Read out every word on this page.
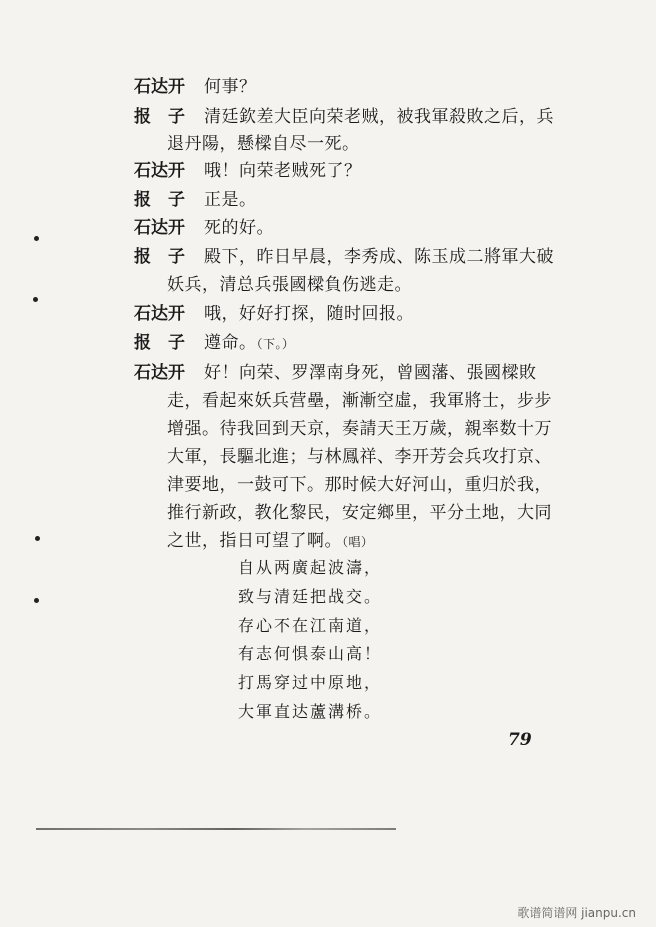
石达开 何事？
报　子 清廷欽差大臣向荣老贼，被我軍殺敗之后，兵
退丹陽，懸樑自尽一死。
石达开 哦！向荣老贼死了？
报　子 正是。
石达开 死的好。
报　子 殿下，昨日早晨，李秀成、陈玉成二將軍大破
妖兵，清总兵張國樑負伤逃走。
石达开 哦，好好打探，随时回报。
报　子 遵命。（下。）
石达开 好！向荣、罗澤南身死，曾國藩、張國樑敗
走，看起來妖兵营壘，漸漸空虛，我軍將士，步步
增强。待我回到天京，奏請天王万歲，親率数十万
大軍，長驅北進；与林鳳祥、李开芳会兵攻打京、
津要地，一鼓可下。那时候大好河山，重归於我，
推行新政，教化黎民，安定鄉里，平分土地，大同
之世，指日可望了啊。（唱）
自从两廣起波濤，
致与清廷把战交。
存心不在江南道，
有志何惧泰山高！
打馬穿过中原地，
大軍直达蘆溝桥。
79
歌谱简谱网 jianpu.cn
